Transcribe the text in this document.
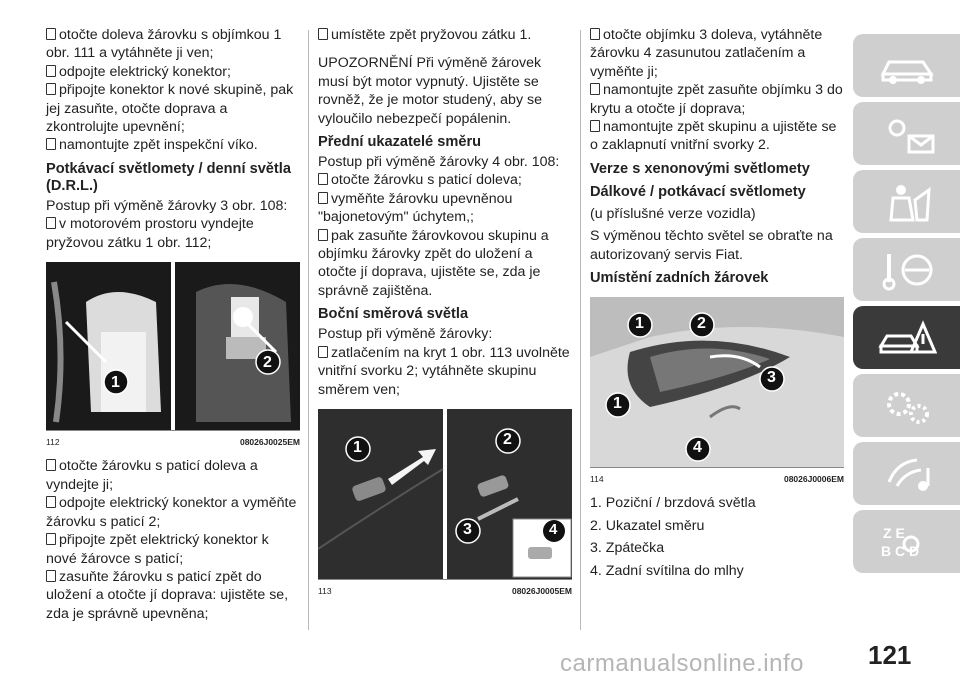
otočte doleva žárovku s objímkou 1 obr. 111 a vytáhněte ji ven;
odpojte elektrický konektor;
připojte konektor k nové skupině, pak jej zasuňte, otočte doprava a zkontrolujte upevnění;
namontujte zpět inspekční víko.
Potkávací světlomety / denní světla (D.R.L.)
Postup při výměně žárovky 3 obr. 108:
v motorovém prostoru vyndejte pryžovou zátku 1 obr. 112;
1
2
112	08026J0025EM
otočte žárovku s paticí doleva a vyndejte ji;
odpojte elektrický konektor a vyměňte žárovku s paticí 2;
připojte zpět elektrický konektor k nové žárovce s paticí;
zasuňte žárovku s paticí zpět do uložení a otočte jí doprava: ujistěte se, zda je správně upevněna;
umístěte zpět pryžovou zátku 1.

UPOZORNĚNÍ Při výměně žárovek musí být motor vypnutý. Ujistěte se rovněž, že je motor studený, aby se vyloučilo nebezpečí popálenin.

Přední ukazatelé směru
Postup při výměně žárovky 4 obr. 108:
otočte žárovku s paticí doleva;
vyměňte žárovku upevněnou "bajonetovým" úchytem,;
pak zasuňte žárovkovou skupinu a objímku žárovky zpět do uložení a otočte jí doprava, ujistěte se, zda je správně zajištěna.
Boční směrová světla
Postup při výměně žárovky:
zatlačením na kryt 1 obr. 113 uvolněte vnitřní svorku 2; vytáhněte skupinu směrem ven;
1	2
3	4
113	08026J0005EM
otočte objímku 3 doleva, vytáhněte žárovku 4 zasunutou zatlačením a vyměňte ji;
namontujte zpět zasuňte objímku 3 do krytu a otočte jí doprava;
namontujte zpět skupinu a ujistěte se o zaklapnutí vnitřní svorky 2.
Verze s xenonovými světlomety
Dálkové / potkávací světlomety

(u příslušné verze vozidla)

S výměnou těchto světel se obraťte na autorizovaný servis Fiat.

Umístění zadních žárovek
1	2
3
1
4
114	08026J0006EM

1. Poziční / brzdová světla

2. Ukazatel směru

3. Zpátečka

4. Zadní svítilna do mlhy

Z E
B C D
121
carmanualsonline.info
